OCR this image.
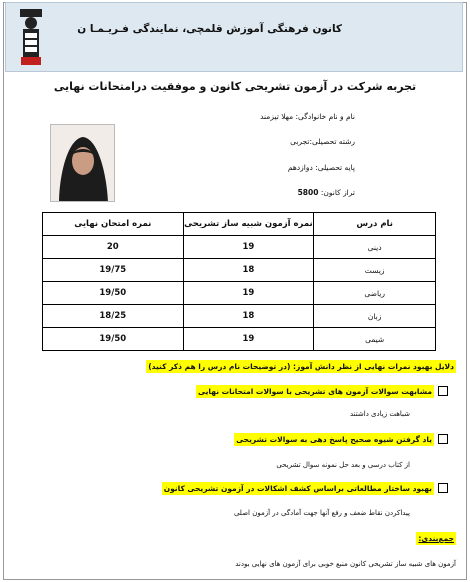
کانون فرهنگی آموزش قلمچی، نمایندگی فـریـمـا ن
تجربه شرکت در آزمون تشریحی کانون و موفقیت درامتحانات نهایی
نام و نام خانوادگی: مهلا تیزمند
رشته تحصیلی:تجربی
پایه تحصیلی: دوازدهم
تراز کانون: 5800
نام درس	نمره آزمون شبیه ساز تشریحی	نمره امتحان نهایی
دینی	19	20
زیست	18	19/75
ریاضی	19	19/50
زبان	18	18/25
شیمی	19	19/50
دلایل بهبود نمرات نهایی از نظر دانش آموز: (در توضیحات نام درس را هم ذکر کنید)
مشابهت سوالات آزمون های تشریحی با سوالات امتحانات نهایی
شباهت زیادی داشتند
یاد گرفتن شیوه صحیح پاسخ دهی به سوالات تشریحی
از کتاب درسی و بعد حل نمونه سوال تشریحی
بهبود ساختار مطالعاتی براساس کشف اشکالات در آزمون تشریحی کانون
پیداکردن نقاط ضعف و رفع آنها جهت آمادگی در آزمون اصلی
جمع‌بندی:
آزمون های شبیه ساز تشریحی کانون منبع خوبی برای آزمون های نهایی بودند
